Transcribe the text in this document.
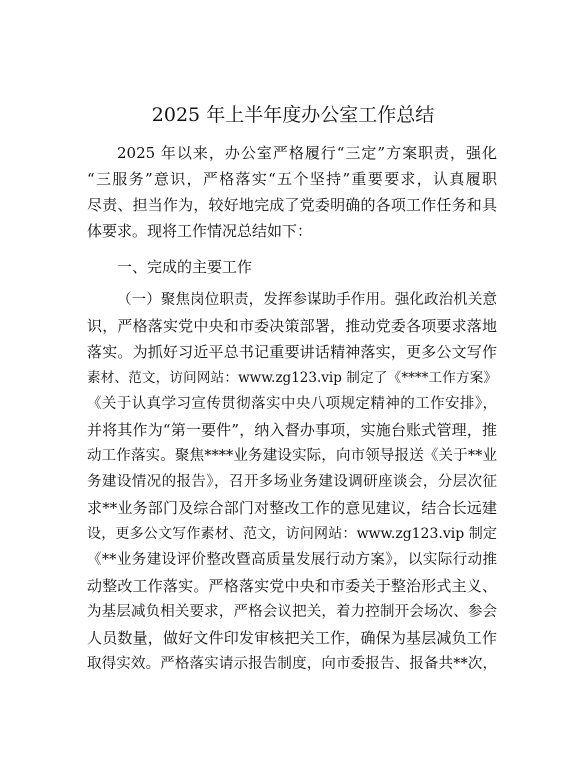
2025 年上半年度办公室工作总结
2025 年以来，办公室严格履行“三定”方案职责，强化
“三服务”意识，严格落实“五个坚持”重要要求，认真履职
尽责、担当作为，较好地完成了党委明确的各项工作任务和具
体要求。现将工作情况总结如下：
一、完成的主要工作
（一）聚焦岗位职责，发挥参谋助手作用。强化政治机关意
识，严格落实党中央和市委决策部署，推动党委各项要求落地
落实。为抓好习近平总书记重要讲话精神落实，更多公文写作
素材、范文，访问网站：www.zg123.vip 制定了《****工作方案》
《关于认真学习宣传贯彻落实中央八项规定精神的工作安排》，
并将其作为“第一要件”，纳入督办事项，实施台账式管理，推
动工作落实。聚焦****业务建设实际，向市领导报送《关于**业
务建设情况的报告》，召开多场业务建设调研座谈会，分层次征
求**业务部门及综合部门对整改工作的意见建议，结合长远建
设，更多公文写作素材、范文，访问网站：www.zg123.vip 制定
《**业务建设评价整改暨高质量发展行动方案》，以实际行动推
动整改工作落实。严格落实党中央和市委关于整治形式主义、
为基层减负相关要求，严格会议把关，着力控制开会场次、参会
人员数量，做好文件印发审核把关工作，确保为基层减负工作
取得实效。严格落实请示报告制度，向市委报告、报备共**次，
